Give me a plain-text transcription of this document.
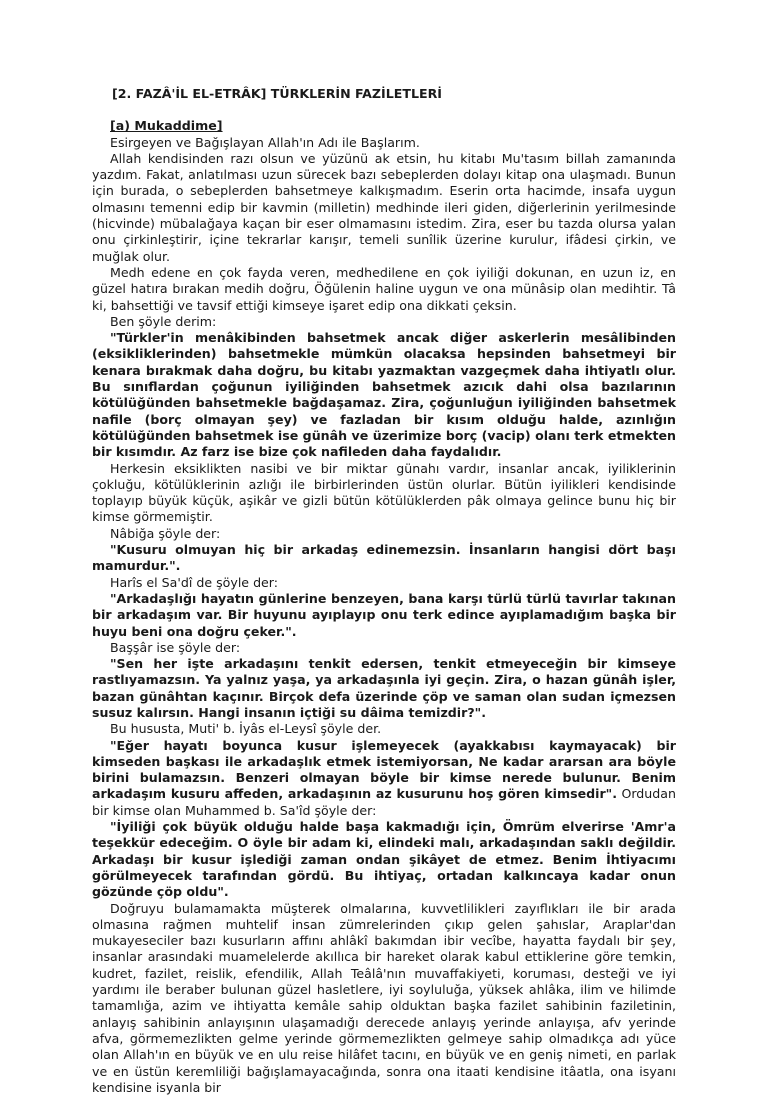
[2. FAZÂ'İL EL-ETRÂK] TÜRKLERİN FAZİLETLERİ

[a) Mukaddime]

Esirgeyen ve Bağışlayan Allah'ın Adı ile Başlarım.

Allah kendisinden razı olsun ve yüzünü ak etsin, hu kitabı Mu'tasım billah zamanında yazdım. Fakat, anlatılması uzun sürecek bazı sebeplerden dolayı kitap ona ulaşmadı. Bunun için burada, o sebeplerden bahsetmeye kalkışmadım. Eserin orta hacimde, insafa uygun olmasını temenni edip bir kavmin (milletin) medhinde ileri giden, diğerlerinin yerilmesinde (hicvinde) mübalağaya kaçan bir eser olmamasını istedim. Zira, eser bu tazda olursa yalan onu çirkinleştirir, içine tekrarlar karışır, temeli sunîlik üzerine kurulur, ifâdesi çirkin, ve muğlak olur.

Medh edene en çok fayda veren, medhedilene en çok iyiliği dokunan, en uzun iz, en güzel hatıra bırakan medih doğru, Öğülenin haline uygun ve ona münâsip olan medihtir. Tâ ki, bahsettiği ve tavsif ettiği kimseye işaret edip ona dikkati çeksin.

Ben şöyle derim:

"Türkler'in menâkibinden bahsetmek ancak diğer askerlerin mesâlibinden (eksikliklerinden) bahsetmekle mümkün olacaksa hepsinden bahsetmeyi bir kenara bırakmak daha doğru, bu kitabı yazmaktan vazgeçmek daha ihtiyatlı olur. Bu sınıflardan çoğunun iyiliğinden bahsetmek azıcık dahi olsa bazılarının kötülüğünden bahsetmekle bağdaşamaz. Zira, çoğunluğun iyiliğinden bahsetmek nafile (borç olmayan şey) ve fazladan bir kısım olduğu halde, azınlığın kötülüğünden bahsetmek ise günâh ve üzerimize borç (vacip) olanı terk etmekten bir kısımdır. Az farz ise bize çok nafileden daha faydalıdır.

Herkesin eksiklikten nasibi ve bir miktar günahı vardır, insanlar ancak, iyiliklerinin çokluğu, kötülüklerinin azlığı ile birbirlerinden üstün olurlar. Bütün iyilikleri kendisinde toplayıp büyük küçük, aşikâr ve gizli bütün kötülüklerden pâk olmaya gelince bunu hiç bir kimse görmemiştir.

Nâbiğa şöyle der:

"Kusuru olmuyan hiç bir arkadaş edinemezsin. İnsanların hangisi dört başı mamurdur.".

Harîs el Sa'dî de şöyle der:

"Arkadaşlığı hayatın günlerine benzeyen, bana karşı türlü türlü tavırlar takınan bir arkadaşım var. Bir huyunu ayıplayıp onu terk edince ayıplamadığım başka bir huyu beni ona doğru çeker.".

Başşâr ise şöyle der:

"Sen her işte arkadaşını tenkit edersen, tenkit etmeyeceğin bir kimseye rastlıyamazsın. Ya yalnız yaşa, ya arkadaşınla iyi geçin. Zira, o hazan günâh işler, bazan günâhtan kaçınır. Birçok defa üzerinde çöp ve saman olan sudan içmezsen susuz kalırsın. Hangi insanın içtiği su dâima temizdir?".

Bu hususta, Muti' b. İyâs el-Leysî şöyle der.

"Eğer hayatı boyunca kusur işlemeyecek (ayakkabısı kaymayacak) bir kimseden başkası ile arkadaşlık etmek istemiyorsan, Ne kadar ararsan ara böyle birini bulamazsın. Benzeri olmayan böyle bir kimse nerede bulunur. Benim arkadaşım kusuru affeden, arkadaşının az kusurunu hoş gören kimsedir". Ordudan bir kimse olan Muhammed b. Sa'îd şöyle der:

"İyiliği çok büyük olduğu halde başa kakmadığı için, Ömrüm elverirse 'Amr'a teşekkür edeceğim. O öyle bir adam ki, elindeki malı, arkadaşından saklı değildir. Arkadaşı bir kusur işlediği zaman ondan şikâyet de etmez. Benim İhtiyacımı görülmeyecek tarafından gördü. Bu ihtiyaç, ortadan kalkıncaya kadar onun gözünde çöp oldu".

Doğruyu bulamamakta müşterek olmalarına, kuvvetlilikleri zayıflıkları ile bir arada olmasına rağmen muhtelif insan zümrelerinden çıkıp gelen şahıslar, Araplar'dan mukayeseciler bazı kusurların affını ahlâkî bakımdan ibir vecîbe, hayatta faydalı bir şey, insanlar arasındaki muamelelerde akıllıca bir hareket olarak kabul ettiklerine göre temkin, kudret, fazilet, reislik, efendilik, Allah Teâlâ'nın muvaffakiyeti, koruması, desteği ve iyi yardımı ile beraber bulunan güzel hasletlere, iyi soyluluğa, yüksek ahlâka, ilim ve hilimde tamamlığa, azim ve ihtiyatta kemâle sahip olduktan başka fazilet sahibinin faziletinin, anlayış sahibinin anlayışının ulaşamadığı derecede anlayış yerinde anlayışa, afv yerinde afva, görmemezlikten gelme yerinde görmemezlikten gelmeye sahip olmadıkça adı yüce olan Allah'ın en büyük ve en ulu reise hilâfet tacını, en büyük ve en geniş nimeti, en parlak ve en üstün keremliliği bağışlamayacağında, sonra ona itaati kendisine itâatla, ona isyanı kendisine isyanla bir
